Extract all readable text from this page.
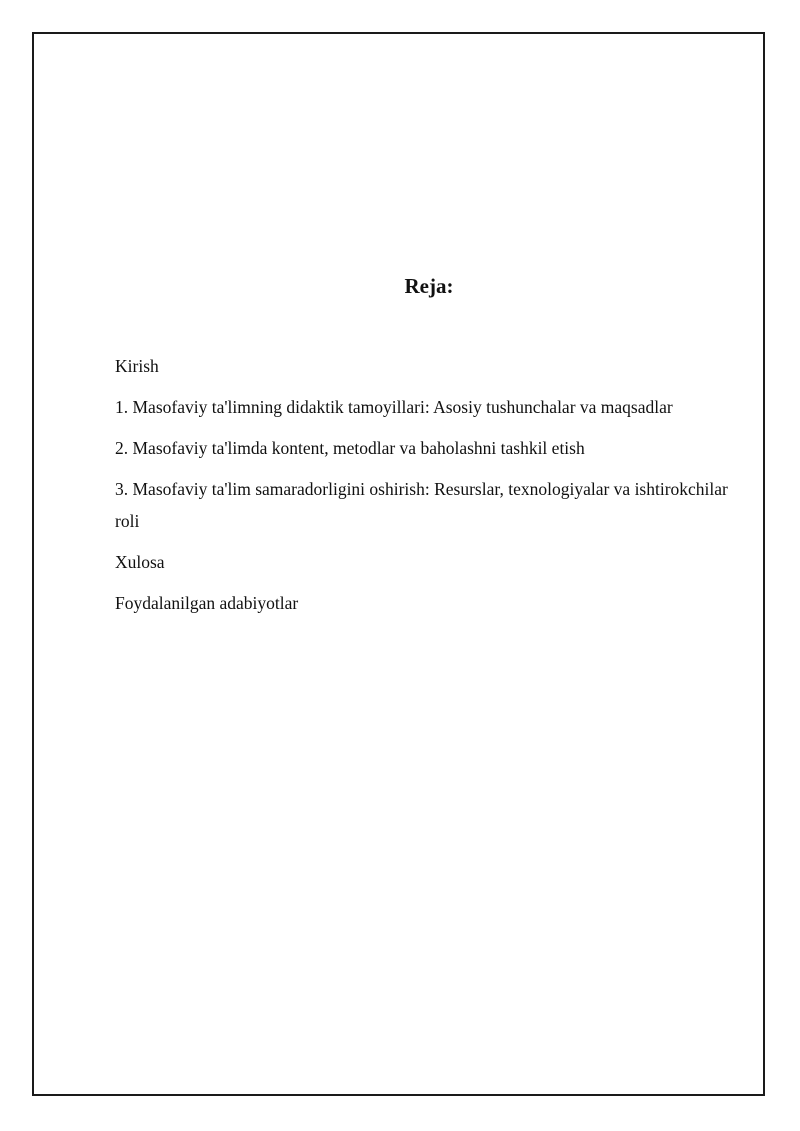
Reja:
Kirish
1. Masofaviy ta'limning didaktik tamoyillari: Asosiy tushunchalar va maqsadlar
2. Masofaviy ta'limda kontent, metodlar va baholashni tashkil etish
3. Masofaviy ta'lim samaradorligini oshirish: Resurslar, texnologiyalar va ishtirokchilar roli
Xulosa
Foydalanilgan adabiyotlar
